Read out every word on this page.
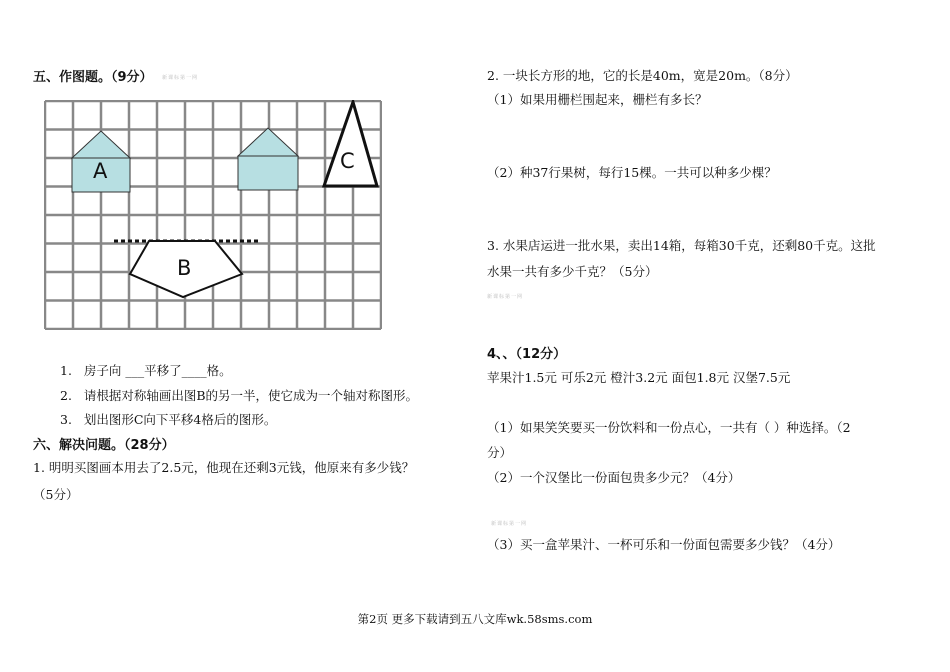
五、作图题。（9分） 新课标第一网
A	C
B
1. 房子向 ___平移了____格。
2. 请根据对称轴画出图B的另一半，使它成为一个轴对称图形。
3. 划出图形C向下平移4格后的图形。
六、解决问题。（28分）
1. 明明买图画本用去了2.5元，他现在还剩3元钱，他原来有多少钱？
（5分）
2. 一块长方形的地，它的长是40m，宽是20m。（8分）
（1）如果用栅栏围起来，栅栏有多长？
（2）种37行果树，每行15棵。一共可以种多少棵？
3. 水果店运进一批水果，卖出14箱，每箱30千克，还剩80千克。这批
水果一共有多少千克？（5分）
新课标第一网
4、、（12分）
苹果汁1.5元 可乐2元 橙汁3.2元 面包1.8元 汉堡7.5元
（1）如果笑笑要买一份饮料和一份点心，一共有（ ）种选择。（2
分）
（2）一个汉堡比一份面包贵多少元？（4分）
新课标第一网
（3）买一盒苹果汁、一杯可乐和一份面包需要多少钱？（4分）
第2页 更多下载请到五八文库wk.58sms.com
